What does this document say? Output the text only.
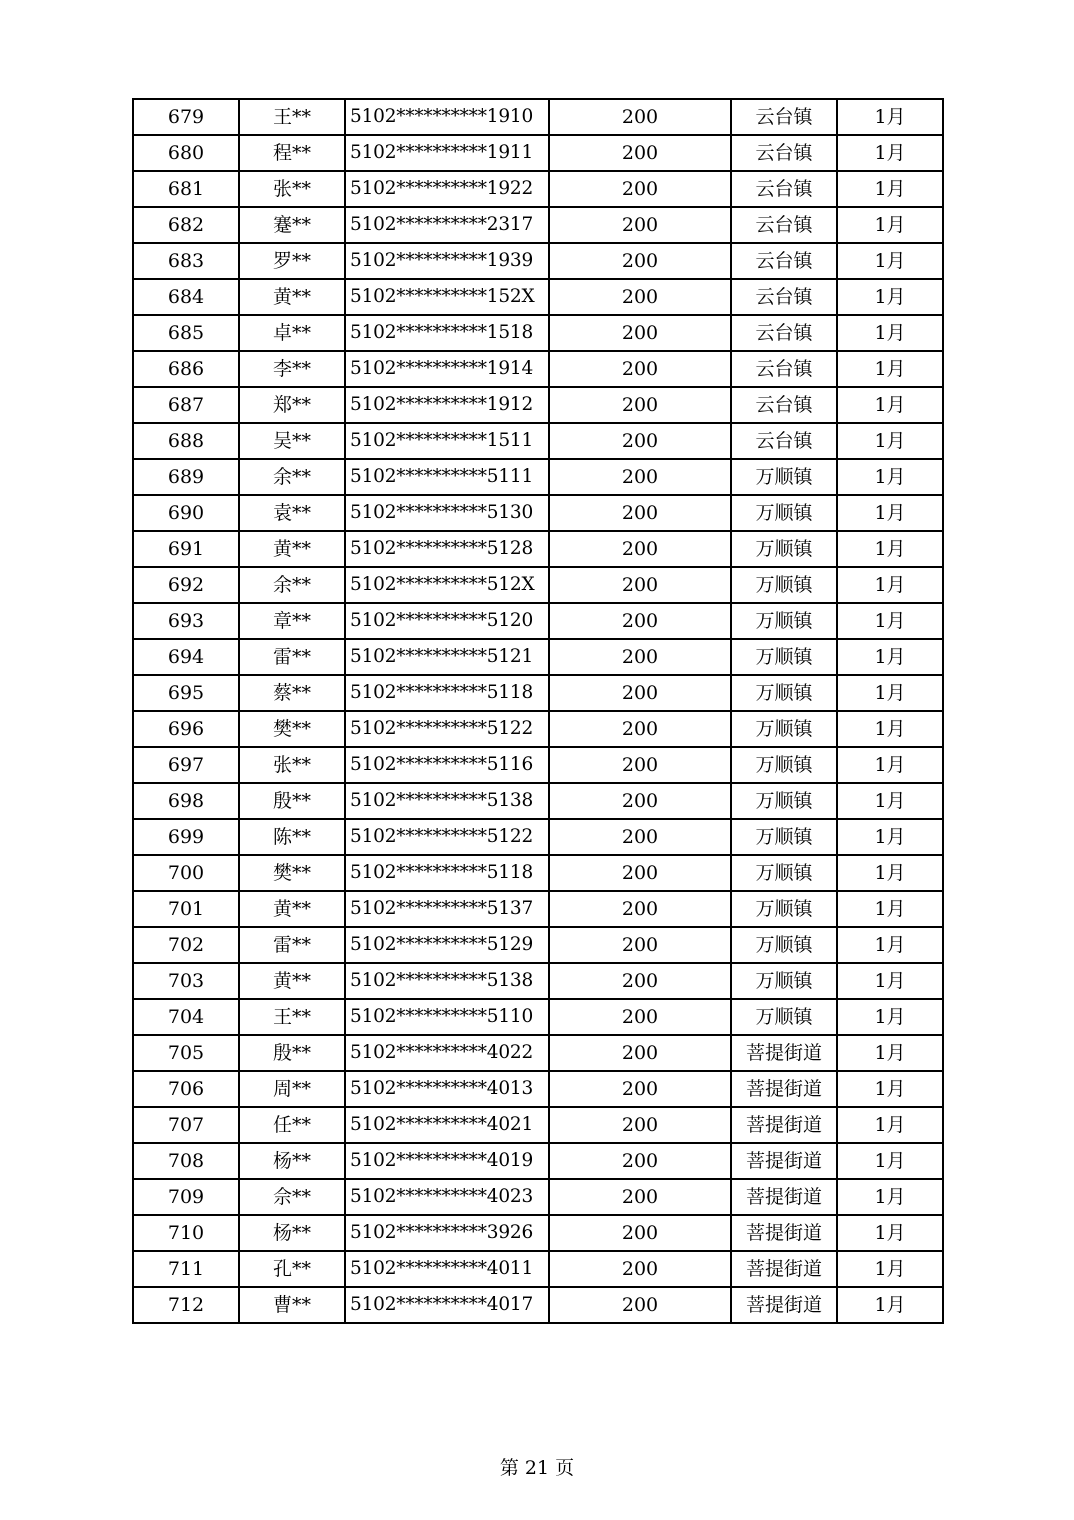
679	王**	5102**********1910	200	云台镇	1月
680	程**	5102**********1911	200	云台镇	1月
681	张**	5102**********1922	200	云台镇	1月
682	蹇**	5102**********2317	200	云台镇	1月
683	罗**	5102**********1939	200	云台镇	1月
684	黄**	5102**********152X	200	云台镇	1月
685	卓**	5102**********1518	200	云台镇	1月
686	李**	5102**********1914	200	云台镇	1月
687	郑**	5102**********1912	200	云台镇	1月
688	吴**	5102**********1511	200	云台镇	1月
689	余**	5102**********5111	200	万顺镇	1月
690	袁**	5102**********5130	200	万顺镇	1月
691	黄**	5102**********5128	200	万顺镇	1月
692	余**	5102**********512X	200	万顺镇	1月
693	章**	5102**********5120	200	万顺镇	1月
694	雷**	5102**********5121	200	万顺镇	1月
695	蔡**	5102**********5118	200	万顺镇	1月
696	樊**	5102**********5122	200	万顺镇	1月
697	张**	5102**********5116	200	万顺镇	1月
698	殷**	5102**********5138	200	万顺镇	1月
699	陈**	5102**********5122	200	万顺镇	1月
700	樊**	5102**********5118	200	万顺镇	1月
701	黄**	5102**********5137	200	万顺镇	1月
702	雷**	5102**********5129	200	万顺镇	1月
703	黄**	5102**********5138	200	万顺镇	1月
704	王**	5102**********5110	200	万顺镇	1月
705	殷**	5102**********4022	200	菩提街道	1月
706	周**	5102**********4013	200	菩提街道	1月
707	任**	5102**********4021	200	菩提街道	1月
708	杨**	5102**********4019	200	菩提街道	1月
709	佘**	5102**********4023	200	菩提街道	1月
710	杨**	5102**********3926	200	菩提街道	1月
711	孔**	5102**********4011	200	菩提街道	1月
712	曹**	5102**********4017	200	菩提街道	1月
第 21 页
